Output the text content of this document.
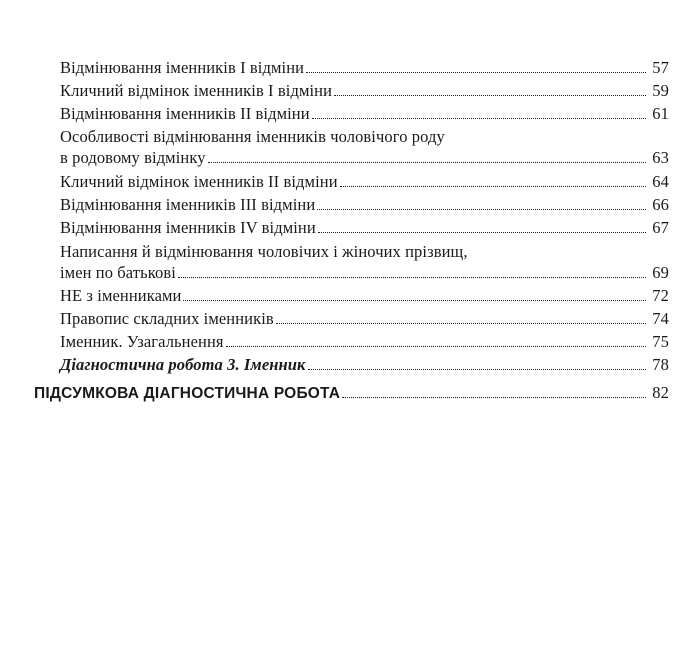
Відмінювання іменників І відміни	57
Кличний відмінок іменників І відміни	59
Відмінювання іменників ІІ відміни	61
Особливості відмінювання іменників чоловічого роду
в родовому відмінку	63
Кличний відмінок іменників ІІ відміни	64
Відмінювання іменників ІІІ відміни	66
Відмінювання іменників ІV відміни	67
Написання й відмінювання чоловічих і жіночих прізвищ,
імен по батькові	69
НЕ з іменниками	72
Правопис складних іменників	74
Іменник. Узагальнення	75
Діагностична робота 3. Іменник	78
ПІДСУМКОВА ДІАГНОСТИЧНА РОБОТА	82
